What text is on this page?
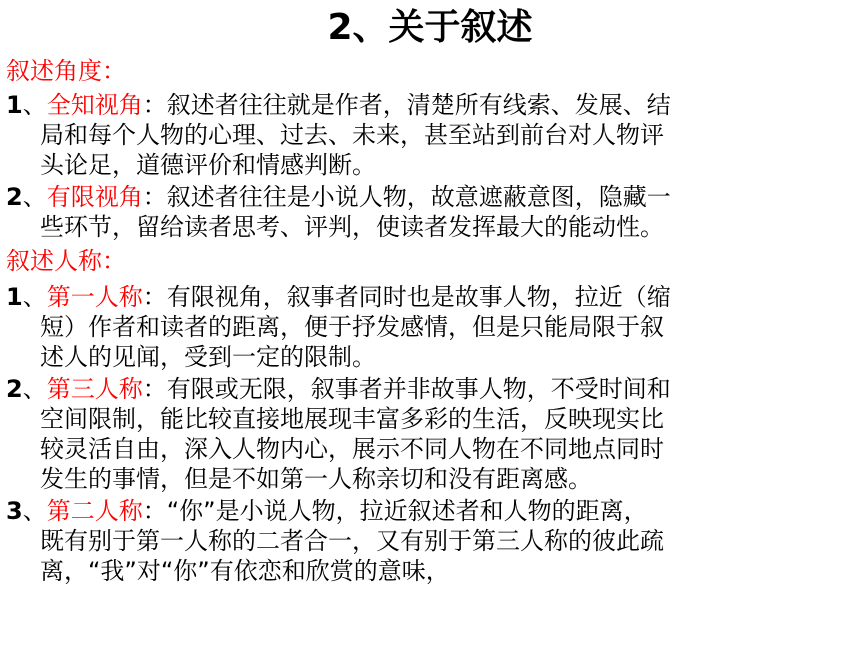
2、关于叙述
叙述角度：
1、全知视角：叙述者往往就是作者，清楚所有线索、发展、结
局和每个人物的心理、过去、未来，甚至站到前台对人物评
头论足，道德评价和情感判断。
2、有限视角：叙述者往往是小说人物，故意遮蔽意图，隐藏一
些环节，留给读者思考、评判，使读者发挥最大的能动性。
叙述人称：
1、第一人称：有限视角，叙事者同时也是故事人物，拉近（缩
短）作者和读者的距离，便于抒发感情，但是只能局限于叙
述人的见闻，受到一定的限制。
2、第三人称：有限或无限，叙事者并非故事人物，不受时间和
空间限制，能比较直接地展现丰富多彩的生活，反映现实比
较灵活自由，深入人物内心，展示不同人物在不同地点同时
发生的事情，但是不如第一人称亲切和没有距离感。
3、第二人称：“你”是小说人物，拉近叙述者和人物的距离，
既有别于第一人称的二者合一，又有别于第三人称的彼此疏
离，“我”对“你”有依恋和欣赏的意味，
